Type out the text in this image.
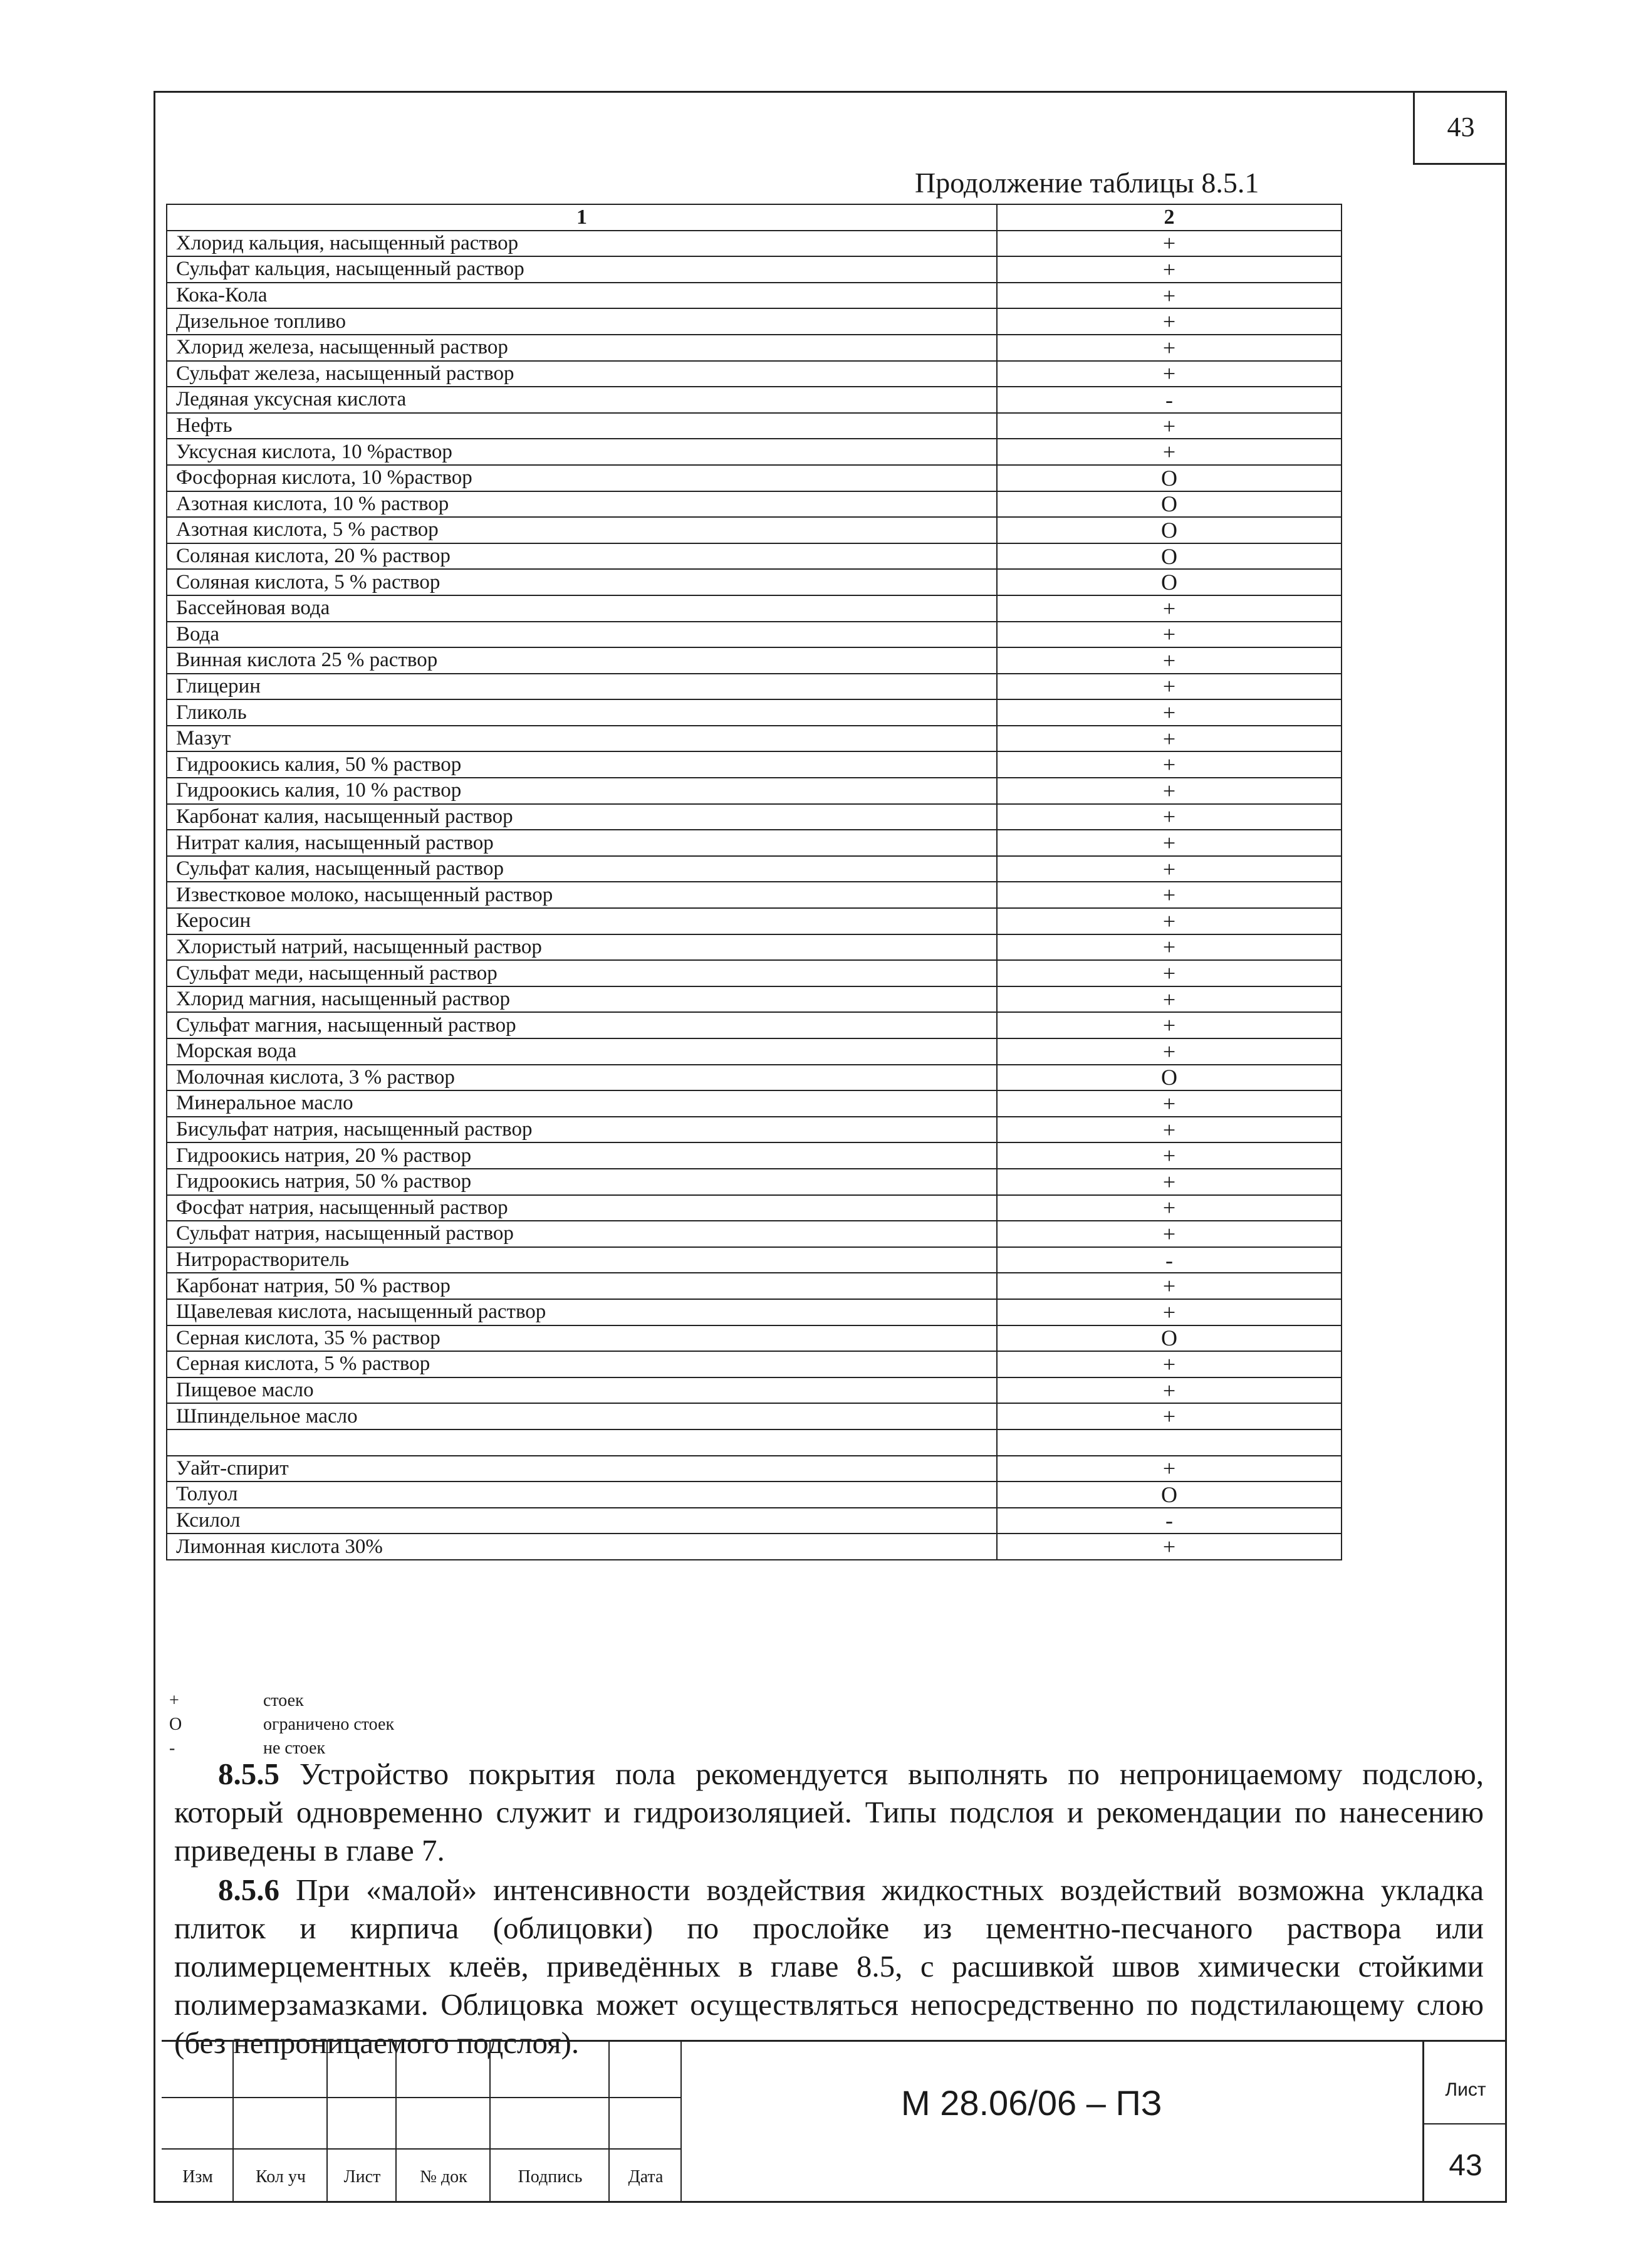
43
Продолжение таблицы 8.5.1
1	2
Хлорид кальция, насыщенный раствор	+
Сульфат кальция, насыщенный раствор	+
Кока-Кола	+
Дизельное топливо	+
Хлорид железа, насыщенный раствор	+
Сульфат железа, насыщенный раствор	+
Ледяная уксусная кислота	-
Нефть	+
Уксусная кислота, 10 %раствор	+
Фосфорная кислота, 10 %раствор	O
Азотная кислота, 10 % раствор	O
Азотная кислота, 5 % раствор	O
Соляная кислота, 20 % раствор	O
Соляная кислота, 5 % раствор	O
Бассейновая вода	+
Вода	+
Винная кислота 25 % раствор	+
Глицерин	+
Гликоль	+
Мазут	+
Гидроокись калия, 50 % раствор	+
Гидроокись калия, 10 % раствор	+
Карбонат калия, насыщенный раствор	+
Нитрат калия, насыщенный раствор	+
Сульфат калия, насыщенный раствор	+
Известковое молоко, насыщенный раствор	+
Керосин	+
Хлористый натрий, насыщенный раствор	+
Сульфат меди, насыщенный раствор	+
Хлорид магния, насыщенный раствор	+
Сульфат магния, насыщенный раствор	+
Морская вода	+
Молочная кислота, 3 % раствор	O
Минеральное масло	+
Бисульфат натрия, насыщенный раствор	+
Гидроокись натрия, 20 % раствор	+
Гидроокись натрия, 50 % раствор	+
Фосфат натрия, насыщенный раствор	+
Сульфат натрия, насыщенный раствор	+
Нитрорастворитель	-
Карбонат натрия, 50 % раствор	+
Щавелевая кислота, насыщенный раствор	+
Серная кислота, 35 % раствор	O
Серная кислота, 5 % раствор	+
Пищевое масло	+
Шпиндельное масло	+

Уайт-спирит	+
Толуол	O
Ксилол	-
Лимонная кислота 30%	+
+	стоек
O	ограничено стоек
-	не стоек
8.5.5 Устройство покрытия пола рекомендуется выполнять по непроницаемому подслою, который одновременно служит и гидроизоляцией. Типы подслоя и рекомендации по нанесению приведены в главе 7.
8.5.6 При «малой» интенсивности воздействия жидкостных воздействий возможна укладка плиток и кирпича (облицовки) по прослойке из цементно-песчаного раствора или полимерцементных клеёв, приведённых в главе 8.5, с расшивкой швов химически стойкими полимерзамазками. Облицовка может осуществляться непосредственно по подстилающему слою (без непроницаемого подслоя).
Изм	Кол уч	Лист	№ док	Подпись	Дата
М 28.06/06 – ПЗ	Лист
43
